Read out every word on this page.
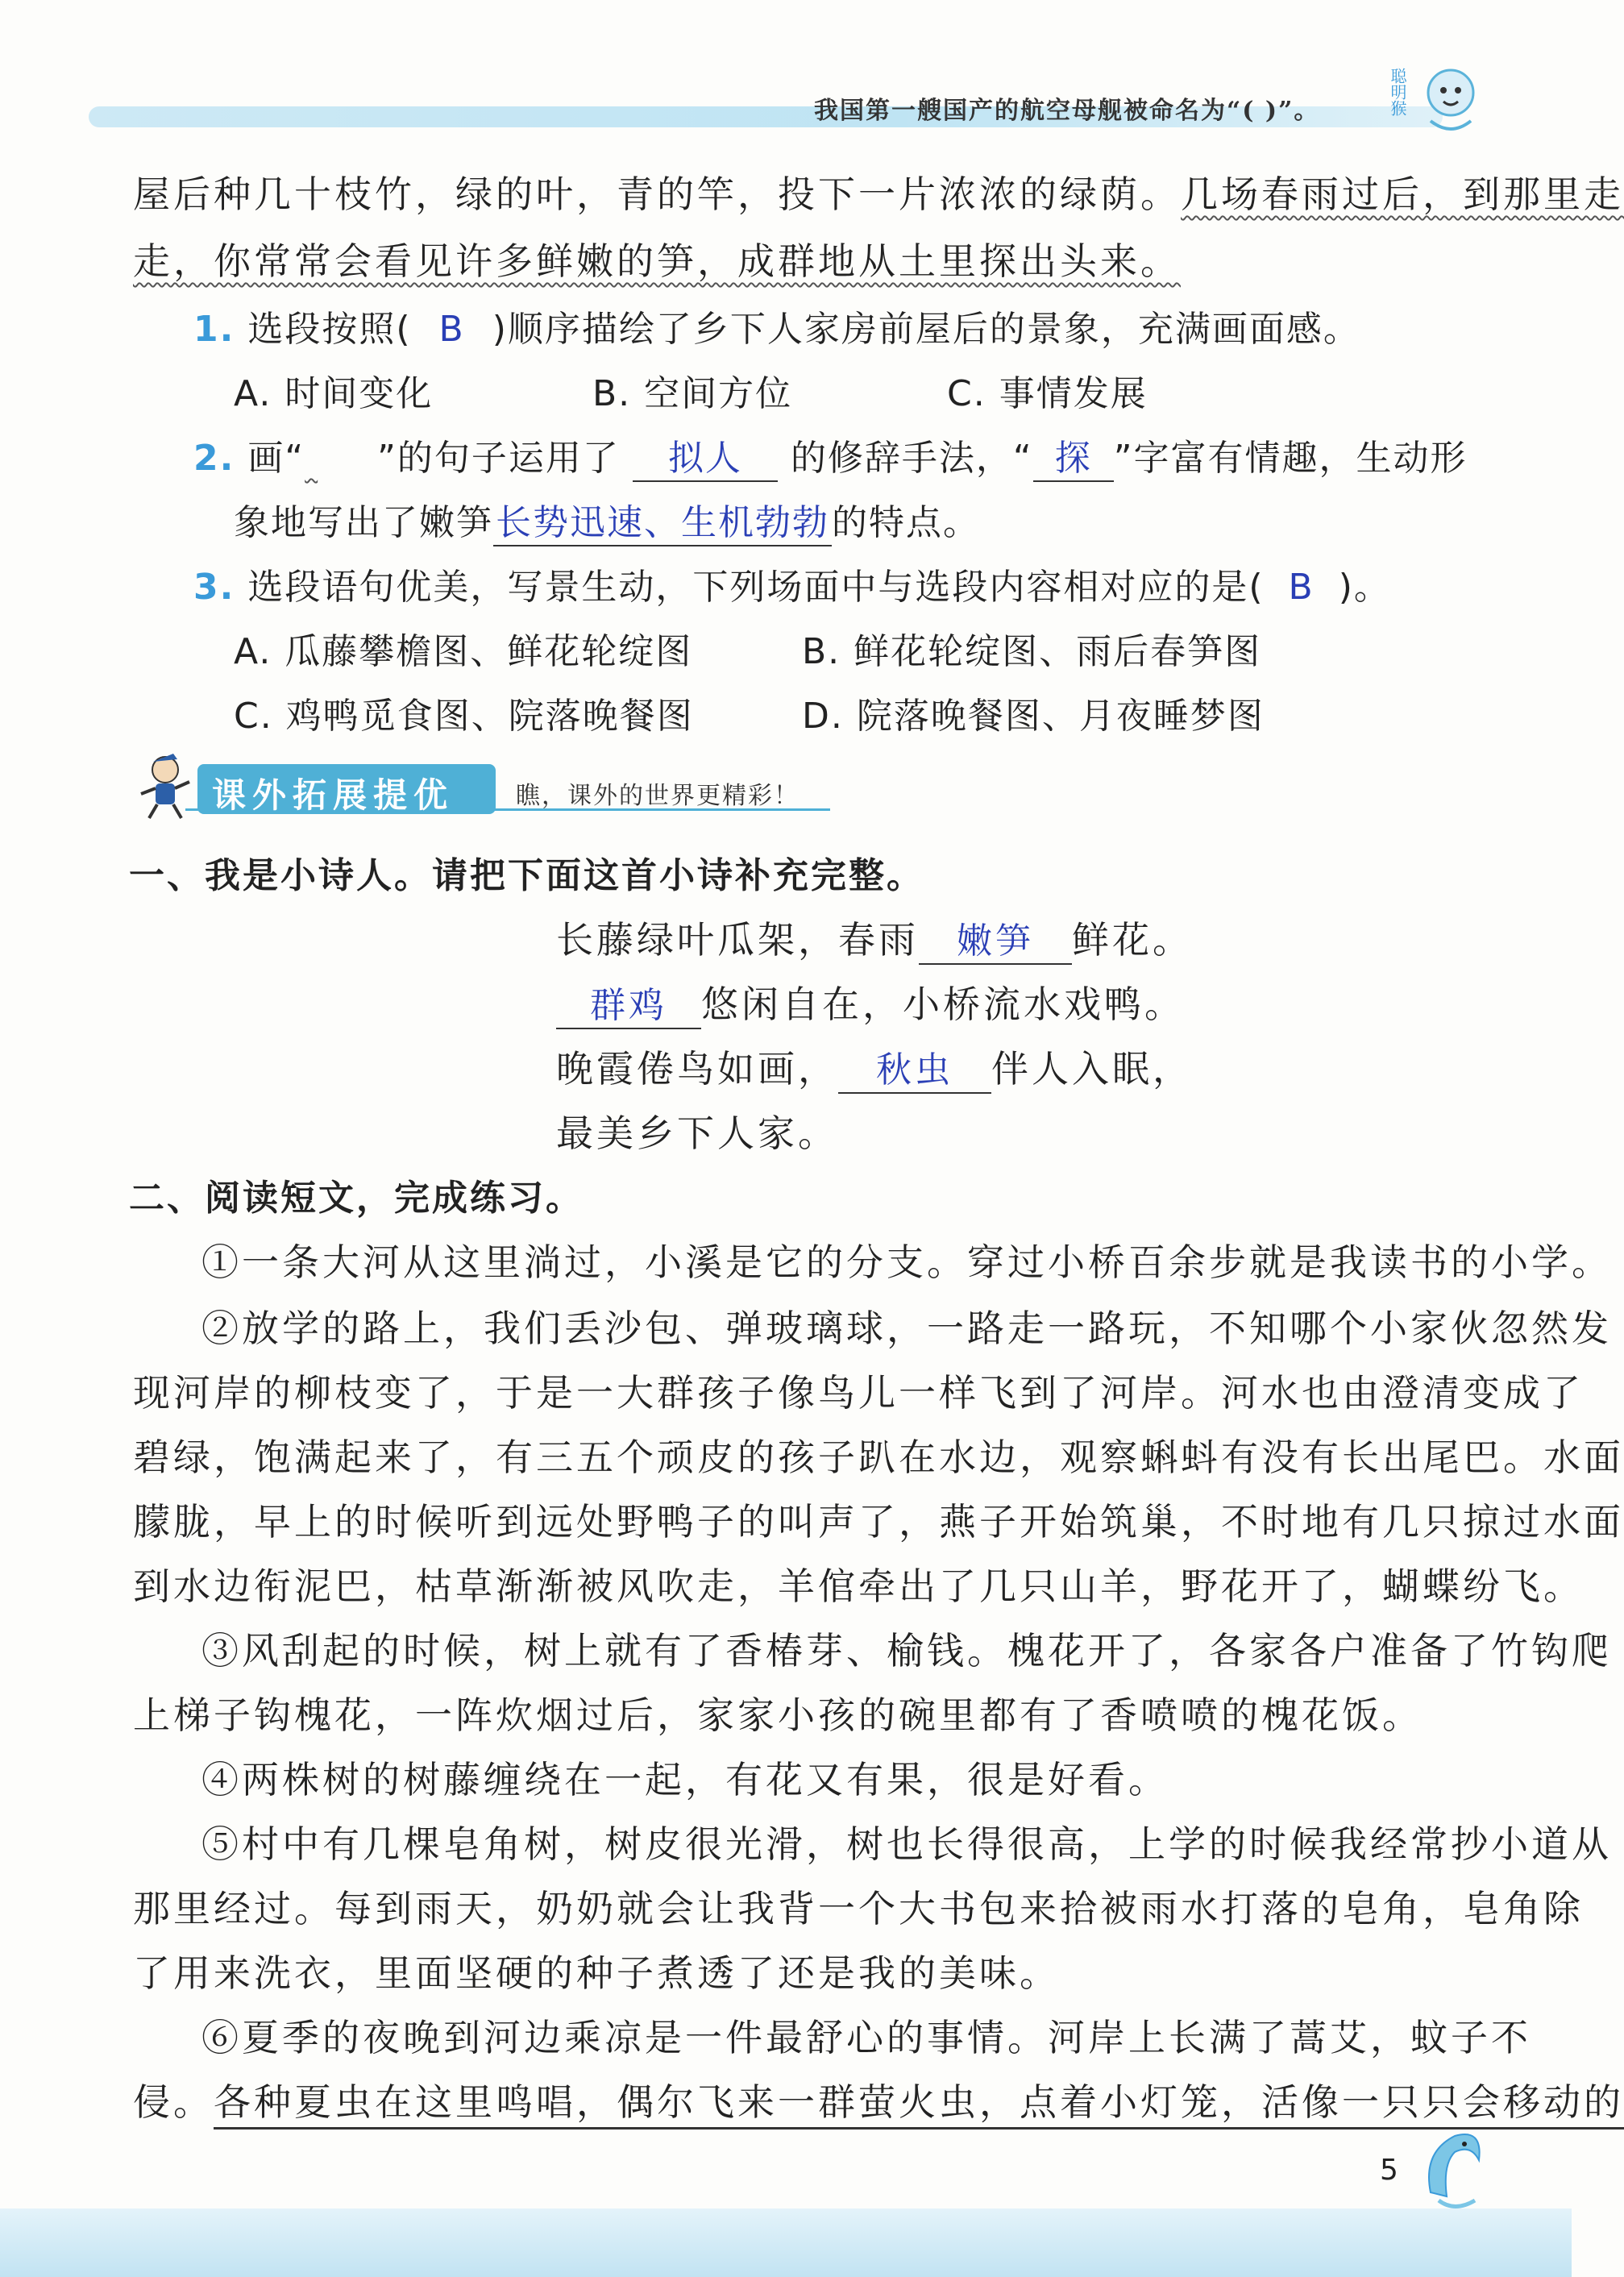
我国第一艘国产的航空母舰被命名为“( )”。	聪明猴
屋后种几十枝竹，绿的叶，青的竿，投下一片浓浓的绿荫。几场春雨过后，到那里走
走，你常常会看见许多鲜嫩的笋，成群地从土里探出头来。
1. 选段按照( B )顺序描绘了乡下人家房前屋后的景象，充满画面感。
A. 时间变化	B. 空间方位	C. 事情发展
2. 画“ ”的句子运用了 拟人 的修辞手法，“ 探 ”字富有情趣，生动形
象地写出了嫩笋长势迅速、生机勃勃的特点。
3. 选段语句优美，写景生动，下列场面中与选段内容相对应的是( B )。
A. 瓜藤攀檐图、鲜花轮绽图	B. 鲜花轮绽图、雨后春笋图
C. 鸡鸭觅食图、院落晚餐图	D. 院落晚餐图、月夜睡梦图
课外拓展提优	瞧，课外的世界更精彩！
一、我是小诗人。请把下面这首小诗补充完整。
长藤绿叶瓜架，春雨 嫩笋 鲜花。
群鸡 悠闲自在，小桥流水戏鸭。
晚霞倦鸟如画， 秋虫 伴人入眠，
最美乡下人家。
二、阅读短文，完成练习。
①一条大河从这里淌过，小溪是它的分支。穿过小桥百余步就是我读书的小学。
②放学的路上，我们丢沙包、弹玻璃球，一路走一路玩，不知哪个小家伙忽然发
现河岸的柳枝变了，于是一大群孩子像鸟儿一样飞到了河岸。河水也由澄清变成了
碧绿，饱满起来了，有三五个顽皮的孩子趴在水边，观察蝌蚪有没有长出尾巴。水面
朦胧，早上的时候听到远处野鸭子的叫声了，燕子开始筑巢，不时地有几只掠过水面
到水边衔泥巴，枯草渐渐被风吹走，羊倌牵出了几只山羊，野花开了，蝴蝶纷飞。
③风刮起的时候，树上就有了香椿芽、榆钱。槐花开了，各家各户准备了竹钩爬
上梯子钩槐花，一阵炊烟过后，家家小孩的碗里都有了香喷喷的槐花饭。
④两株树的树藤缠绕在一起，有花又有果，很是好看。
⑤村中有几棵皂角树，树皮很光滑，树也长得很高，上学的时候我经常抄小道从
那里经过。每到雨天，奶奶就会让我背一个大书包来拾被雨水打落的皂角，皂角除
了用来洗衣，里面坚硬的种子煮透了还是我的美味。
⑥夏季的夜晚到河边乘凉是一件最舒心的事情。河岸上长满了蒿艾，蚊子不
侵。各种夏虫在这里鸣唱，偶尔飞来一群萤火虫，点着小灯笼，活像一只只会移动的
5
